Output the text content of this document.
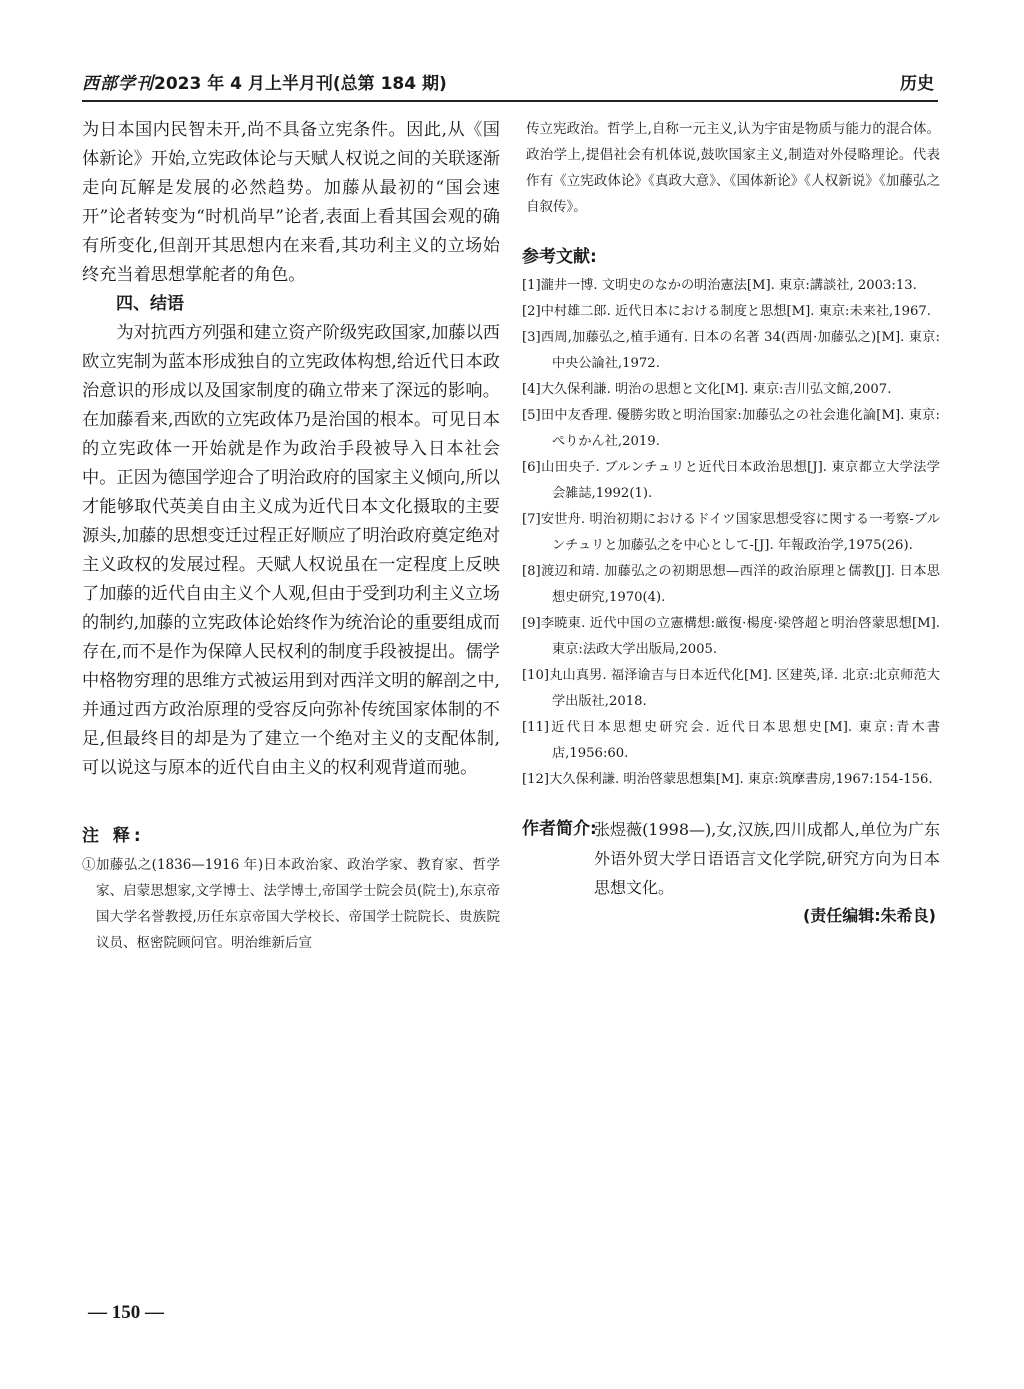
西部学刊2023 年 4 月上半月刊(总第 184 期)	历史

为日本国内民智未开,尚不具备立宪条件。因此,从《国体新论》开始,立宪政体论与天赋人权说之间的关联逐渐走向瓦解是发展的必然趋势。加藤从最初的“国会速开”论者转变为“时机尚早”论者,表面上看其国会观的确有所变化,但剖开其思想内在来看,其功利主义的立场始终充当着思想掌舵者的角色。

四、结语

为对抗西方列强和建立资产阶级宪政国家,加藤以西欧立宪制为蓝本形成独自的立宪政体构想,给近代日本政治意识的形成以及国家制度的确立带来了深远的影响。在加藤看来,西欧的立宪政体乃是治国的根本。可见日本的立宪政体一开始就是作为政治手段被导入日本社会中。正因为德国学迎合了明治政府的国家主义倾向,所以才能够取代英美自由主义成为近代日本文化摄取的主要源头,加藤的思想变迁过程正好顺应了明治政府奠定绝对主义政权的发展过程。天赋人权说虽在一定程度上反映了加藤的近代自由主义个人观,但由于受到功利主义立场的制约,加藤的立宪政体论始终作为统治论的重要组成而存在,而不是作为保障人民权利的制度手段被提出。儒学中格物穷理的思维方式被运用到对西洋文明的解剖之中,并通过西方政治原理的受容反向弥补传统国家体制的不足,但最终目的却是为了建立一个绝对主义的支配体制,可以说这与原本的近代自由主义的权利观背道而驰。

注 释:
①加藤弘之(1836—1916 年)日本政治家、政治学家、教育家、哲学家、启蒙思想家,文学博士、法学博士,帝国学士院会员(院士),东京帝国大学名誉教授,历任东京帝国大学校长、帝国学士院院长、贵族院议员、枢密院顾问官。明治维新后宣
传立宪政治。哲学上,自称一元主义,认为宇宙是物质与能力的混合体。政治学上,提倡社会有机体说,鼓吹国家主义,制造对外侵略理论。代表作有《立宪政体论》《真政大意》、《国体新论》《人权新说》《加藤弘之自叙传》。
参考文献:
[1]瀧井一博. 文明史のなかの明治憲法[M]. 東京:講談社, 2003:13.
[2]中村雄二郎. 近代日本における制度と思想[M]. 東京:未来社,1967.
[3]西周,加藤弘之,植手通有. 日本の名著 34(西周·加藤弘之)[M]. 東京:中央公論社,1972.
[4]大久保利謙. 明治の思想と文化[M]. 東京:吉川弘文館,2007.
[5]田中友香理. 優勝劣敗と明治国家:加藤弘之の社会進化論[M]. 東京:ぺりかん社,2019.
[6]山田央子. ブルンチュリと近代日本政治思想[J]. 東京都立大学法学会雑誌,1992(1).
[7]安世舟. 明治初期におけるドイツ国家思想受容に関する一考察-ブルンチュリと加藤弘之を中心として-[J]. 年報政治学,1975(26).
[8]渡辺和靖. 加藤弘之の初期思想—西洋的政治原理と儒教[J]. 日本思想史研究,1970(4).
[9]李暁東. 近代中国の立憲構想:厳復·楊度·梁啓超と明治啓蒙思想[M]. 東京:法政大学出版局,2005.
[10]丸山真男. 福泽谕吉与日本近代化[M]. 区建英,译. 北京:北京师范大学出版社,2018.
[11]近代日本思想史研究会. 近代日本思想史[M]. 東京:青木書店,1956:60.
[12]大久保利謙. 明治啓蒙思想集[M]. 東京:筑摩書房,1967:154-156.
作者简介:
张煜薇(1998—),女,汉族,四川成都人,单位为广东外语外贸大学日语语言文化学院,研究方向为日本思想文化。
(责任编辑:朱希良)
— 150 —
